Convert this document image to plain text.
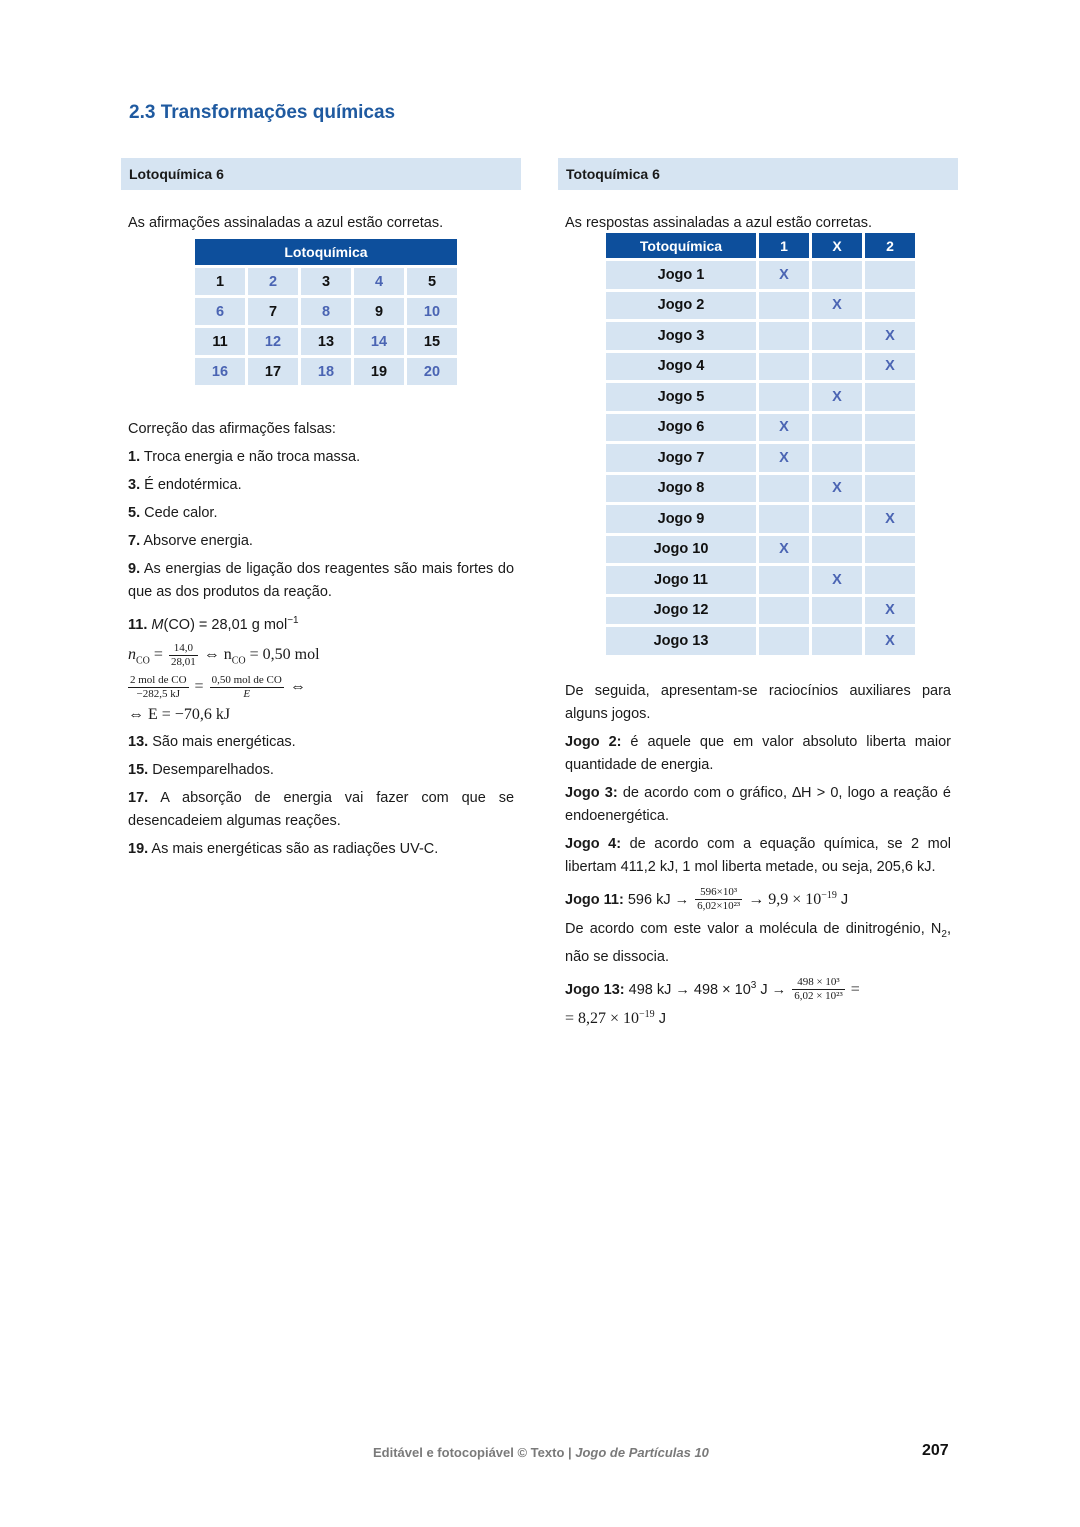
2.3 Transformações químicas
Lotoquímica 6
As afirmações assinaladas a azul estão corretas.
Lotoquímica				
1	2	3	4	5
6	7	8	9	10
11	12	13	14	15
16	17	18	19	20
Correção das afirmações falsas:
1. Troca energia e não troca massa.
3. É endotérmica.
5. Cede calor.
7. Absorve energia.
9. As energias de ligação dos reagentes são mais fortes do que as dos produtos da reação.
11. M(CO) = 28,01 g mol$^{-1}$
$n_{CO} = \frac{14,0}{28,01}$ ⇔ $n_{CO} = 0,50$ mol
$\frac{\text{2 mol de CO}}{-282,5 kJ} = \frac{\text{0,50 mol de CO}}{E}$ ⇔
⇔ E = −70,6 kJ
13. São mais energéticas.
15. Desemparelhados.
17. A absorção de energia vai fazer com que se desencadeiem algumas reações.
19. As mais energéticas são as radiações UV-C.
Totoquímica 6
As respostas assinaladas a azul estão corretas.
Totoquímica	1	X	2
Jogo 1	X		
Jogo 2		X	
Jogo 3			X
Jogo 4			X
Jogo 5		X	
Jogo 6	X		
Jogo 7	X		
Jogo 8		X	
Jogo 9			X
Jogo 10	X		
Jogo 11		X	
Jogo 12			X
Jogo 13			X
De seguida, apresentam-se raciocínios auxiliares para alguns jogos.
Jogo 2: é aquele que em valor absoluto liberta maior quantidade de energia.
Jogo 3: de acordo com o gráfico, ∆H > 0, logo a reação é endoenergética.
Jogo 4: de acordo com a equação química, se 2 mol libertam 411,2 kJ, 1 mol liberta metade, ou seja, 205,6 kJ.
Jogo 11: 596 kJ → $\frac{\text{596×10³}}{\text{6,02×10²³}} \to 9,9 \times 10^{-19}$ J
De acordo com este valor a molécula de dinitrogénio, $N_2$, não se dissocia.
Jogo 13: 498 kJ → $498 \times 10^3$ $J \to \frac{\text{498 × 10³}}{\text{6,02 × 10²³}}$ =
= $8,27 \times 10^{-19}$ J
Editável e fotocopiável © Texto | Jogo de Partículas 10	207
